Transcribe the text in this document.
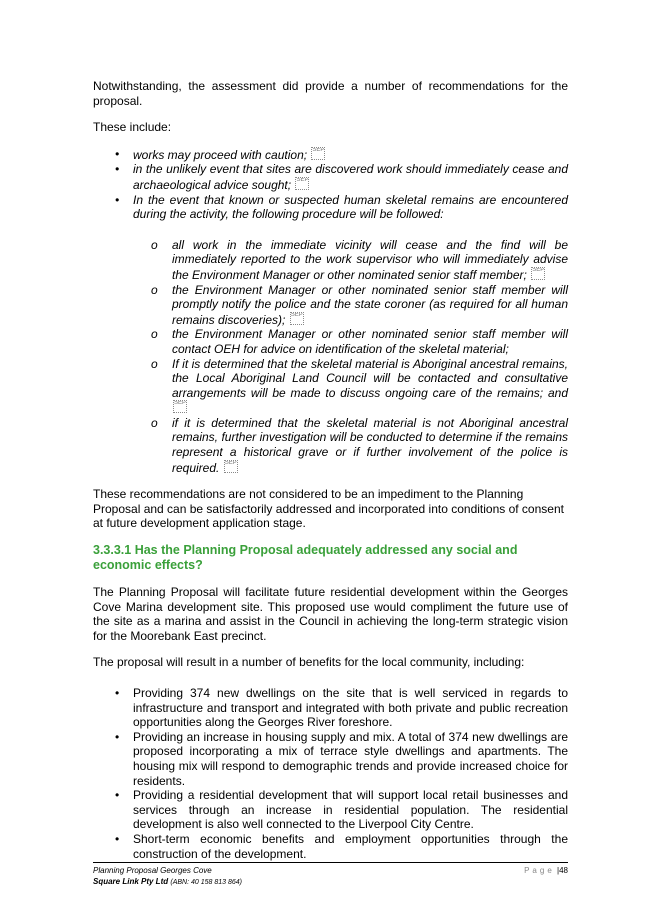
Notwithstanding, the assessment did provide a number of recommendations for the proposal.

These include:

• works may proceed with caution; SEP
• in the unlikely event that sites are discovered work should immediately cease and archaeological advice sought; SEP
• In the event that known or suspected human skeletal remains are encountered during the activity, the following procedure will be followed:
o all work in the immediate vicinity will cease and the find will be immediately reported to the work supervisor who will immediately advise the Environment Manager or other nominated senior staff member; SEP
o the Environment Manager or other nominated senior staff member will promptly notify the police and the state coroner (as required for all human remains discoveries); SEP
o the Environment Manager or other nominated senior staff member will contact OEH for advice on identification of the skeletal material;
o If it is determined that the skeletal material is Aboriginal ancestral remains, the Local Aboriginal Land Council will be contacted and consultative arrangements will be made to discuss ongoing care of the remains; and SEP
o if it is determined that the skeletal material is not Aboriginal ancestral remains, further investigation will be conducted to determine if the remains represent a historical grave or if further involvement of the police is required. SEP

These recommendations are not considered to be an impediment to the Planning Proposal and can be satisfactorily addressed and incorporated into conditions of consent at future development application stage.

3.3.3.1 Has the Planning Proposal adequately addressed any social and economic effects?

The Planning Proposal will facilitate future residential development within the Georges Cove Marina development site. This proposed use would compliment the future use of the site as a marina and assist in the Council in achieving the long-term strategic vision for the Moorebank East precinct.

The proposal will result in a number of benefits for the local community, including:

• Providing 374 new dwellings on the site that is well serviced in regards to infrastructure and transport and integrated with both private and public recreation opportunities along the Georges River foreshore.
• Providing an increase in housing supply and mix. A total of 374 new dwellings are proposed incorporating a mix of terrace style dwellings and apartments. The housing mix will respond to demographic trends and provide increased choice for residents.
• Providing a residential development that will support local retail businesses and services through an increase in residential population. The residential development is also well connected to the Liverpool City Centre.
• Short-term economic benefits and employment opportunities through the construction of the development.
Planning Proposal Georges Cove
Square Link Pty Ltd (ABN: 40 158 813 864)
Page |48
